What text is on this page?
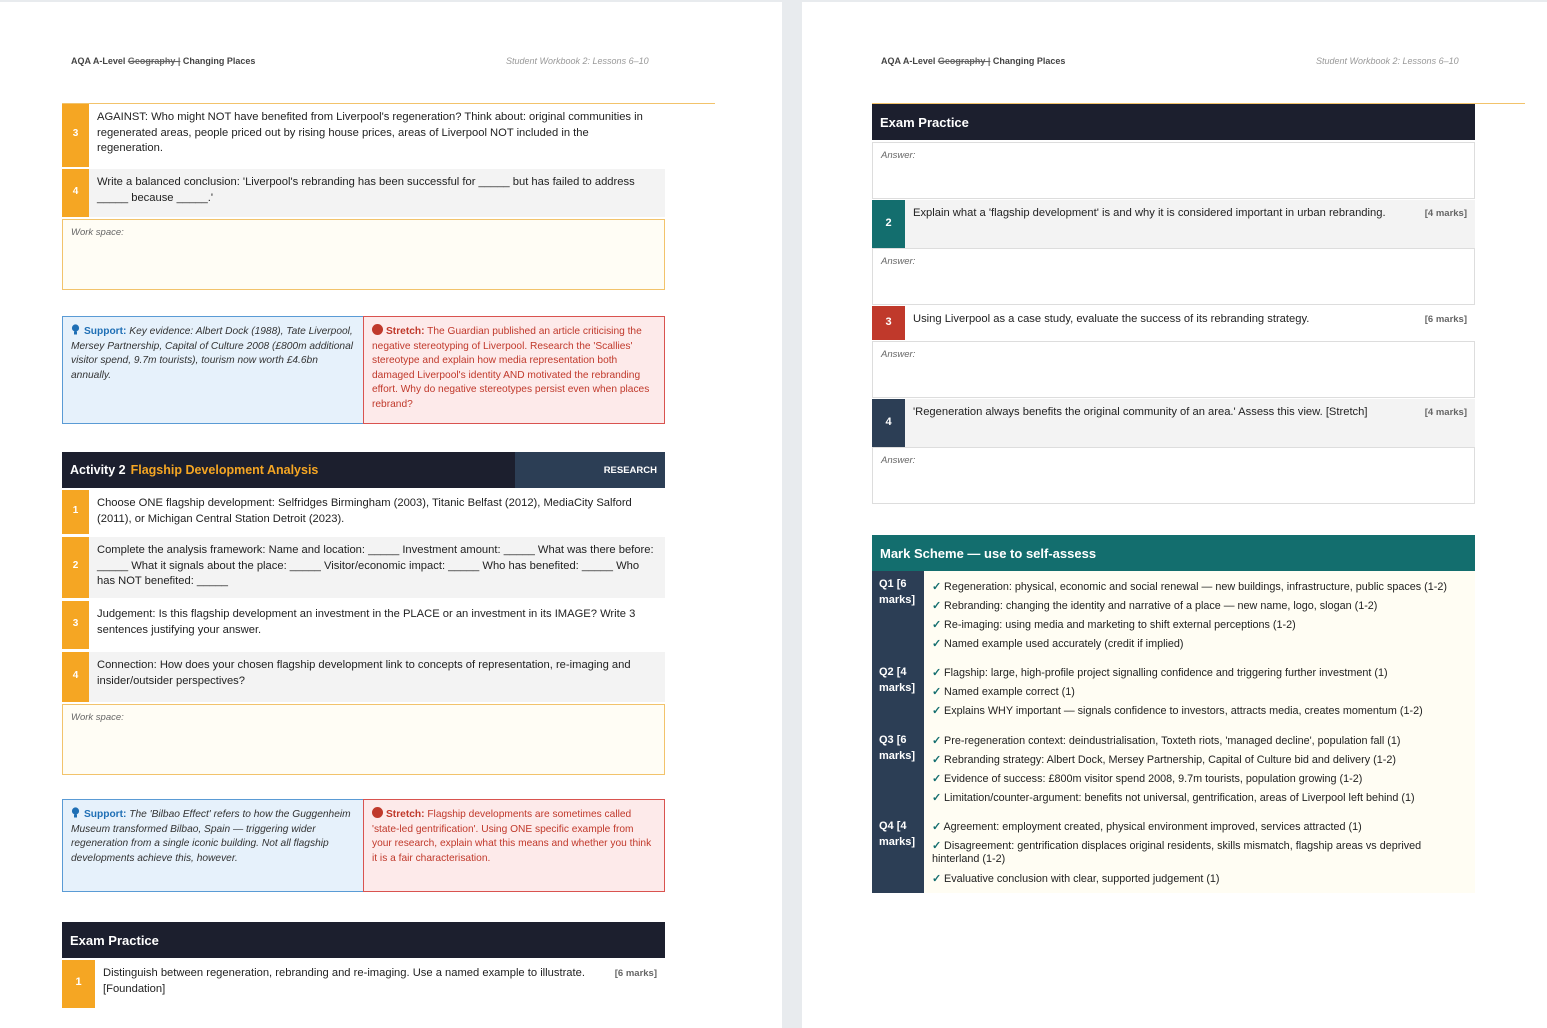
AQA A-Level Geography | Changing Places	Student Workbook 2: Lessons 6–10
3
AGAINST: Who might NOT have benefited from Liverpool's regeneration? Think about: original communities in regenerated areas, people priced out by rising house prices, areas of Liverpool NOT included in the regeneration.
4
Write a balanced conclusion: 'Liverpool's rebranding has been successful for _____ but has failed to address _____ because _____.'
Work space:
Support: Key evidence: Albert Dock (1988), Tate Liverpool, Mersey Partnership, Capital of Culture 2008 (£800m additional visitor spend, 9.7m tourists), tourism now worth £4.6bn annually.
Stretch: The Guardian published an article criticising the negative stereotyping of Liverpool. Research the 'Scallies' stereotype and explain how media representation both damaged Liverpool's identity AND motivated the rebranding effort. Why do negative stereotypes persist even when places rebrand?
Activity 2 Flagship Development Analysis	RESEARCH
1
Choose ONE flagship development: Selfridges Birmingham (2003), Titanic Belfast (2012), MediaCity Salford (2011), or Michigan Central Station Detroit (2023).
2
Complete the analysis framework: Name and location: _____ Investment amount: _____ What was there before: _____ What it signals about the place: _____ Visitor/economic impact: _____ Who has benefited: _____ Who has NOT benefited: _____
3
Judgement: Is this flagship development an investment in the PLACE or an investment in its IMAGE? Write 3 sentences justifying your answer.
4
Connection: How does your chosen flagship development link to concepts of representation, re-imaging and insider/outsider perspectives?
Work space:
Support: The 'Bilbao Effect' refers to how the Guggenheim Museum transformed Bilbao, Spain — triggering wider regeneration from a single iconic building. Not all flagship developments achieve this, however.
Stretch: Flagship developments are sometimes called 'state-led gentrification'. Using ONE specific example from your research, explain what this means and whether you think it is a fair characterisation.
Exam Practice
1
Distinguish between regeneration, rebranding and re-imaging. Use a named example to illustrate. [Foundation]
[6 marks]
AQA A-Level Geography | Changing Places	Student Workbook 2: Lessons 6–10
Exam Practice
Answer:
2
Explain what a 'flagship development' is and why it is considered important in urban rebranding.	[4 marks]
Answer:
3	Using Liverpool as a case study, evaluate the success of its rebranding strategy.	[6 marks]
Answer:
4
'Regeneration always benefits the original community of an area.' Assess this view. [Stretch]	[4 marks]
Answer:
Mark Scheme — use to self-assess
Q1 [6 marks]
✓ Regeneration: physical, economic and social renewal — new buildings, infrastructure, public spaces (1-2)
✓ Rebranding: changing the identity and narrative of a place — new name, logo, slogan (1-2)
✓ Re-imaging: using media and marketing to shift external perceptions (1-2)
✓ Named example used accurately (credit if implied)
Q2 [4 marks]
✓ Flagship: large, high-profile project signalling confidence and triggering further investment (1)
✓ Named example correct (1)
✓ Explains WHY important — signals confidence to investors, attracts media, creates momentum (1-2)
Q3 [6 marks]
✓ Pre-regeneration context: deindustrialisation, Toxteth riots, 'managed decline', population fall (1)
✓ Rebranding strategy: Albert Dock, Mersey Partnership, Capital of Culture bid and delivery (1-2)
✓ Evidence of success: £800m visitor spend 2008, 9.7m tourists, population growing (1-2)
✓ Limitation/counter-argument: benefits not universal, gentrification, areas of Liverpool left behind (1)
Q4 [4 marks]
✓ Agreement: employment created, physical environment improved, services attracted (1)
✓ Disagreement: gentrification displaces original residents, skills mismatch, flagship areas vs deprived hinterland (1-2)
✓ Evaluative conclusion with clear, supported judgement (1)
